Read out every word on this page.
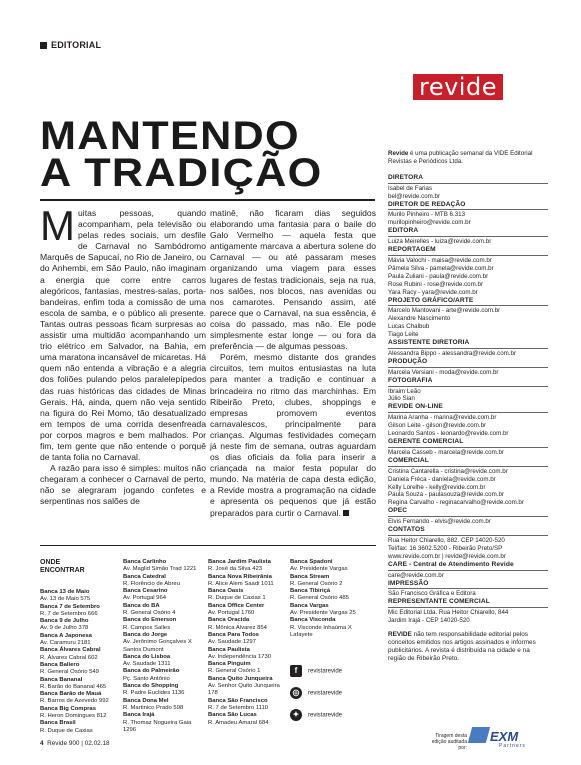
EDITORIAL
revide
MANTENDO
A TRADIÇÃO

Muitas pessoas, quando acompanham, pela televisão ou pelas redes sociais, um desfile de Carnaval no Sambódromo Marquês de Sapucaí, no Rio de Janeiro, ou do Anhembi, em São Paulo, não imaginam a energia que corre entre carros alegóricos, fantasias, mestres-salas, porta-bandeiras, enfim toda a comissão de uma escola de samba, e o público ali presente. Tantas outras pessoas ficam surpresas ao assistir uma multidão acompanhando um trio elétrico em Salvador, na Bahia, em uma maratona incansável de micaretas. Há quem não entenda a vibração e a alegria dos foliões pulando pelos paralelepípedos das ruas históricas das cidades de Minas Gerais. Há, ainda, quem não veja sentido na figura do Rei Momo, tão desatualizado em tempos de uma corrida desenfreada por corpos magros e bem malhados. Por fim, tem gente que não entende o porquê de tanta folia no Carnaval.

A razão para isso é simples: muitos não chegaram a conhecer o Carnaval de perto, não se alegraram jogando confetes e serpentinas nos salões de

matinê, não ficaram dias seguidos elaborando uma fantasia para o baile do Galo Vermelho — aquela festa que antigamente marcava a abertura solene do Carnaval — ou até passaram meses organizando uma viagem para esses lugares de festas tradicionais, seja na rua, nos salões, nos blocos, nas avenidas ou nos camarotes. Pensando assim, até parece que o Carnaval, na sua essência, é coisa do passado, mas não. Ele pode simplesmente estar longe — ou fora da preferência — de algumas pessoas.

Porém, mesmo distante dos grandes circuitos, tem muitos entusiastas na luta para manter a tradição e continuar a brincadeira no ritmo das marchinhas. Em Ribeirão Preto, clubes, shoppings e empresas promovem eventos carnavalescos, principalmente para crianças. Algumas festividades começam já neste fim de semana, outras aguardam os dias oficiais da folia para inserir a criançada na maior festa popular do mundo. Na matéria de capa desta edição, a Revide mostra a programação na cidade e apresenta os pequenos que já estão preparados para curtir o Carnaval.

Revide é uma publicação semanal da VIDE Editorial Revistas e Periódicos Ltda.
DIRETORA
Isabel de Farias
bel@revide.com.br
DIRETOR DE REDAÇÃO
Murilo Pinheiro - MTB 6.313
murilopinheiro@revide.com.br
EDITORA
Luiza Meirelles - luiza@revide.com.br
REPORTAGEM
Mávia Valochi - maisa@revide.com.br
Pâmela Silva - pamela@revide.com.br
Paula Zuliani - paula@revide.com.br
Rose Rubini - rose@revide.com.br
Yara Racy - yara@revide.com.br
PROJETO GRÁFICO/ARTE
Marcelo Mantovani - arte@revide.com.br
Alexandre Nascimento
Lucas Chalbub
Tiago Leite
ASSISTENTE DIRETORIA
Alessandra Bippo - alessandra@revide.com.br
PRODUÇÃO
Marcela Versiani - moda@revide.com.br
FOTOGRAFIA
Ibraim Leão
Júlio Sian
REVIDE ON-LINE
Marina Aranha - marina@revide.com.br
Gilson Leite - gilson@revide.com.br
Leonardo Santos - leonardo@revide.com.br
GERENTE COMERCIAL
Marcela Casseb - marcela@revide.com.br
COMERCIAL
Cristina Cantarella - cristina@revide.com.br
Daniela Fréca - daniela@revide.com.br
Kelly Lorelhe - kelly@revide.com.br
Paula Souza - paulasouza@revide.com.br
Regina Carvalho - reginacarvalho@revide.com.br
OPEC
Elvis Fernando - elvis@revide.com.br
CONTATOS
Rua Heitor Chiarello, 882. CEP 14020-520
Tel/fax: 16 3602.5200 - Ribeirão Preto/SP
www.revide.com.br | revide@revide.com.br
CARE - Central de Atendimento Revide
care@revide.com.br
IMPRESSÃO
São Francisco Gráfica e Editora
REPRESENTANTE COMERCIAL
Mic Editorial Ltda. Rua Heitor Chiarello, 844
Jardim Irajá - CEP 14020-520
REVIDE não tem responsabilidade editorial pelos conceitos emitidos nos artigos assinados e informes publicitários. A revista é distribuída na cidade e na região de Ribeirão Preto.
ONDE
ENCONTRAR
Banca 13 de Maio
Av. 13 de Maio 575
Banca 7 de Setembro
R. 7 de Setembro 666
Banca 9 de Julho
Av. 9 de Julho 378
Banca A Japonesa
Av. Caramuru 2181
Banca Álvares Cabral
R. Álvares Cabral 602
Banca Baliero
R. General Osório 549
Banca Bananal
R. Barão do Bananal 465
Banca Barão de Mauá
R. Barros de Azevedo 992
Banca Big Compras
R. Heron Domingues 812
Banca Brasil
R. Duque de Caxias
Banca Carlinho
Av. Maglid Simão Trad 1221
Banca Catedral
R. Florêncio de Abreu
Banca Cesarino
Av. Portugal 964
Banca do BA
R. General Osório 4
Banca do Emerson
R. Campos Salles
Banca do Jorge
Av. Jerônimo Gonçalves X Santos Dumont
Banca do Lisboa
Av. Saudade 1311
Banca do Palmeirão
Pç. Santo Antônio
Banca do Shopping
R. Padre Euclides 1136
Banca Dona Mel
R. Martinico Prado 598
Banca Irajá
R. Thomaz Nogueira Gaia 1296
Banca Jardim Paulista
R. José da Silva 423
Banca Nova Ribeirânia
R. Alice Alem Saadi 1011
Banca Oasis
R. Duque de Caxias 1
Banca Office Center
Av. Portugal 1760
Banca Oracida
R. Mônica Alvarez 854
Banca Para Todos
Av. Saudade 1297
Banca Paulista
Av. Independência 1730
Banca Pinguim
R. General Osório 1
Banca Quito Junqueira
Av. Senhor Quito Junqueira 178
Banca São Francisco
R. 7 de Setembro 1110
Banca São Lucas
R. Amadeu Amaral 684
Banca Spadoni
Av. Presidente Vargas
Banca Stream
R. General Osório 2
Banca Tibiriçá
R. General Osório 485
Banca Vargas
Av. Presidente Vargas 25
Banca Visconda
R. Visconde Inhaúma X Lafayete
f revistarevide
◎ revistarevide
✦ revistarevide
Tiragem desta
edição auditada por:
EXM
Partners
4 Revide 900 | 02.02.18
